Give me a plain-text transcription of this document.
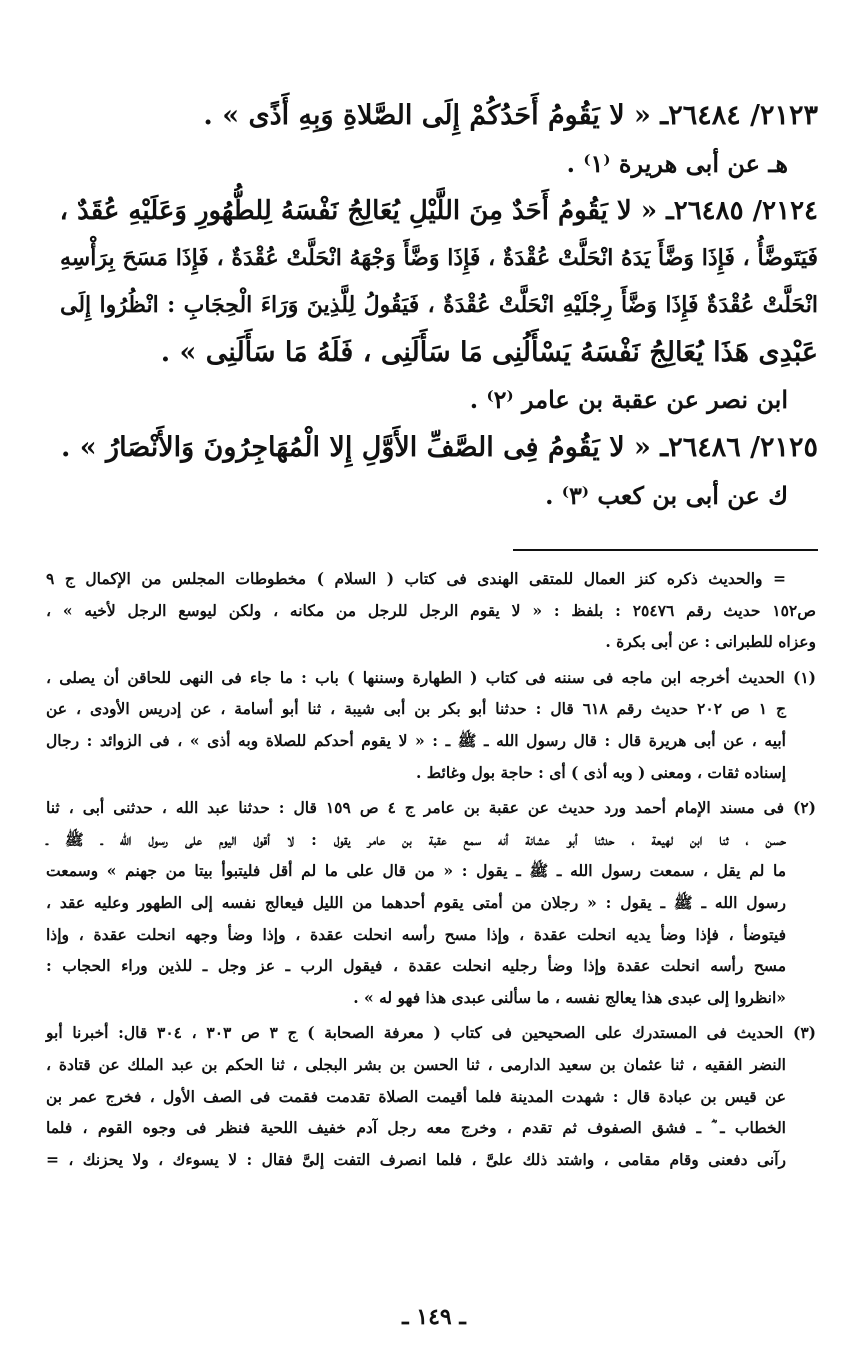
٢١٢٣/ ٢٦٤٨٤ـ « لا يَقُومُ أَحَدُكُمْ إِلَى الصَّلاةِ وَبِهِ أَذًى » .
هـ عن أبى هريرة ⁽١⁾ .
٢١٢٤/ ٢٦٤٨٥ـ « لا يَقُومُ أَحَدٌ مِنَ اللَّيْلِ يُعَالِجُ نَفْسَهُ لِلطُّهُورِ وَعَلَيْهِ عُقَدٌ ،
فَيَتَوضَّأُ ، فَإِذَا وَضَّأَ يَدَهُ انْحَلَّتْ عُقْدَةٌ ، فَإِذَا وَضَّأَ وَجْهَهُ انْحَلَّتْ عُقْدَةٌ ، فَإِذَا مَسَحَ بِرَأْسِهِ
انْحَلَّتْ عُقْدَةٌ فَإِذَا وَضَّأَ رِجْلَيْهِ انْحَلَّتْ عُقْدَةٌ ، فَيَقُولُ لِلَّذِينَ وَرَاءَ الْحِجَابِ : انْظُرُوا إِلَى
عَبْدِى هَذَا يُعَالِجُ نَفْسَهُ يَسْأَلُنِى مَا سَأَلَنِى ، فَلَهُ مَا سَأَلَنِى » .
ابن نصر عن عقبة بن عامر ⁽٢⁾ .
٢١٢٥/ ٢٦٤٨٦ـ « لا يَقُومُ فِى الصَّفِّ الأَوَّلِ إِلا الْمُهَاجِرُونَ وَالأَنْصَارُ » .
ك عن أبى بن كعب ⁽٣⁾ .
= والحديث ذكره كنز العمال للمتقى الهندى فى كتاب ( السلام ) مخطوطات المجلس من الإكمال ج ٩
ص١٥٢ حديث رقم ٢٥٤٧٦ : بلفظ : « لا يقوم الرجل للرجل من مكانه ، ولكن ليوسع الرجل لأخيه » ،
وعزاه للطبرانى : عن أبى بكرة .
(١) الحديث أخرجه ابن ماجه فى سننه فى كتاب ( الطهارة وسننها ) باب : ما جاء فى النهى للحاقن أن يصلى ،
ج ١ ص ٢٠٢ حديث رقم ٦١٨ قال : حدثنا أبو بكر بن أبى شيبة ، ثنا أبو أسامة ، عن إدريس الأودى ، عن
أبيه ، عن أبى هريرة قال : قال رسول الله ـ ﷺ ـ : « لا يقوم أحدكم للصلاة وبه أذى » ، فى الزوائد : رجال
إسناده ثقات ، ومعنى ( وبه أذى ) أى : حاجة بول وغائط .
(٢) فى مسند الإمام أحمد ورد حديث عن عقبة بن عامر ج ٤ ص ١٥٩ قال : حدثنا عبد الله ، حدثنى أبى ، ثنا
حسن ، ثنا ابن لهيعة ، حدثنا أبو عشانة أنه سمع عقبة بن عامر يقول : لا أقول اليوم على رسول الله ـ ﷺ ـ
ما لم يقل ، سمعت رسول الله ـ ﷺ ـ يقول : « من قال على ما لم أقل فليتبوأ بيتا من جهنم » وسمعت
رسول الله ـ ﷺ ـ يقول : « رجلان من أمتى يقوم أحدهما من الليل فيعالج نفسه إلى الطهور وعليه عقد ،
فيتوضأ ، فإذا وضأ يديه انحلت عقدة ، وإذا مسح رأسه انحلت عقدة ، وإذا وضأ وجهه انحلت عقدة ، وإذا
مسح رأسه انحلت عقدة وإذا وضأ رجليه انحلت عقدة ، فيقول الرب ـ عز وجل ـ للذين وراء الحجاب :
«انظروا إلى عبدى هذا يعالج نفسه ، ما سألنى عبدى هذا فهو له » .
(٣) الحديث فى المستدرك على الصحيحين فى كتاب ( معرفة الصحابة ) ج ٣ ص ٣٠٣ ، ٣٠٤ قال: أخبرنا أبو
النضر الفقيه ، ثنا عثمان بن سعيد الدارمى ، ثنا الحسن بن بشر البجلى ، ثنا الحكم بن عبد الملك عن قتادة ،
عن قيس بن عبادة قال : شهدت المدينة فلما أقيمت الصلاة تقدمت فقمت فى الصف الأول ، فخرج عمر بن
الخطاب ـ ؓ ـ فشق الصفوف ثم تقدم ، وخرج معه رجل آدم خفيف اللحية فنظر فى وجوه القوم ، فلما
رآنى دفعنى وقام مقامى ، واشتد ذلك علىَّ ، فلما انصرف التفت إلىَّ فقال : لا يسوءك ، ولا يحزنك ، =
ـ ١٤٩ ـ
